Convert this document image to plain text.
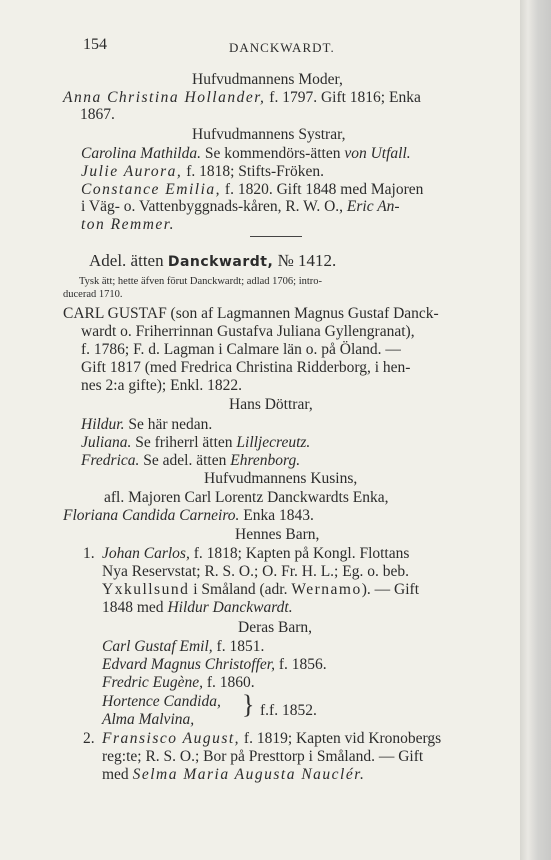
154	DANCKWARDT.
Hufvudmannens Moder,
Anna Christina Hollander, f. 1797. Gift 1816; Enka
1867.
Hufvudmannens Systrar,
Carolina Mathilda. Se kommendörs-ätten von Utfall.
Julie Aurora, f. 1818; Stifts-Fröken.
Constance Emilia, f. 1820. Gift 1848 med Majoren
i Väg- o. Vattenbyggnads-kåren, R. W. O., Eric An-
ton Remmer.
Adel. ätten Danckwardt, № 1412.
Tysk ätt; hette äfven förut Danckwardt; adlad 1706; intro-
ducerad 1710.
CARL GUSTAF (son af Lagmannen Magnus Gustaf Danck-
wardt o. Friherrinnan Gustafva Juliana Gyllengranat),
f. 1786; F. d. Lagman i Calmare län o. på Öland. —
Gift 1817 (med Fredrica Christina Ridderborg, i hen-
nes 2:a gifte); Enkl. 1822.
Hans Döttrar,
Hildur. Se här nedan.
Juliana. Se friherrl ätten Lilljecreutz.
Fredrica. Se adel. ätten Ehrenborg.
Hufvudmannens Kusins,
afl. Majoren Carl Lorentz Danckwardts Enka,
Floriana Candida Carneiro. Enka 1843.
Hennes Barn,
1. Johan Carlos, f. 1818; Kapten på Kongl. Flottans
Nya Reservstat; R. S. O.; O. Fr. H. L.; Eg. o. beb.
Yxkullsund i Småland (adr. Wernamo). — Gift
1848 med Hildur Danckwardt.
Deras Barn,
Carl Gustaf Emil, f. 1851.
Edvard Magnus Christoffer, f. 1856.
Fredric Eugène, f. 1860.
Hortence Candida,
Alma Malvina,
} f.f. 1852.
2. Fransisco August, f. 1819; Kapten vid Kronobergs
reg:te; R. S. O.; Bor på Presttorp i Småland. — Gift
med Selma Maria Augusta Nauclér.
